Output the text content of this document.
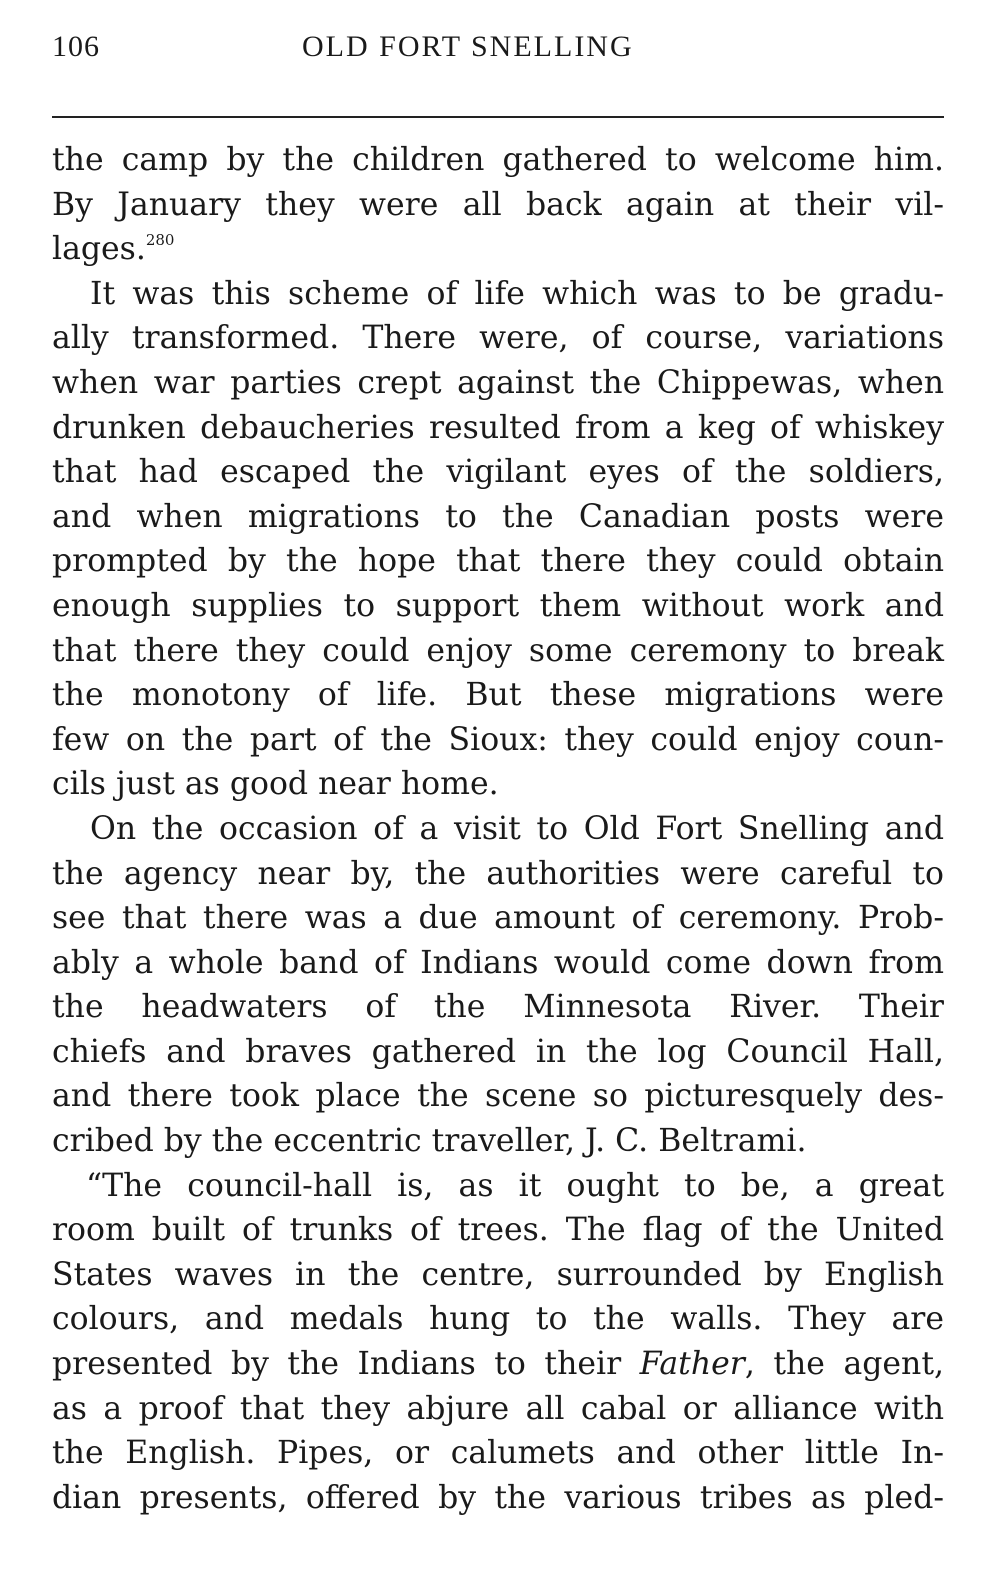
106	OLD FORT SNELLING
the camp by the children gathered to welcome him.
By January they were all back again at their vil-
lages.$^{280}$
It was this scheme of life which was to be gradu-
ally transformed. There were, of course, variations
when war parties crept against the Chippewas, when
drunken debaucheries resulted from a keg of whiskey
that had escaped the vigilant eyes of the soldiers,
and when migrations to the Canadian posts were
prompted by the hope that there they could obtain
enough supplies to support them without work and
that there they could enjoy some ceremony to break
the monotony of life. But these migrations were
few on the part of the Sioux: they could enjoy coun-
cils just as good near home.
On the occasion of a visit to Old Fort Snelling and
the agency near by, the authorities were careful to
see that there was a due amount of ceremony. Prob-
ably a whole band of Indians would come down from
the headwaters of the Minnesota River. Their
chiefs and braves gathered in the log Council Hall,
and there took place the scene so picturesquely des-
cribed by the eccentric traveller, J. C. Beltrami.
“The council-hall is, as it ought to be, a great
room built of trunks of trees. The flag of the United
States waves in the centre, surrounded by English
colours, and medals hung to the walls. They are
presented by the Indians to their Father, the agent,
as a proof that they abjure all cabal or alliance with
the English. Pipes, or calumets and other little In-
dian presents, offered by the various tribes as pled-
